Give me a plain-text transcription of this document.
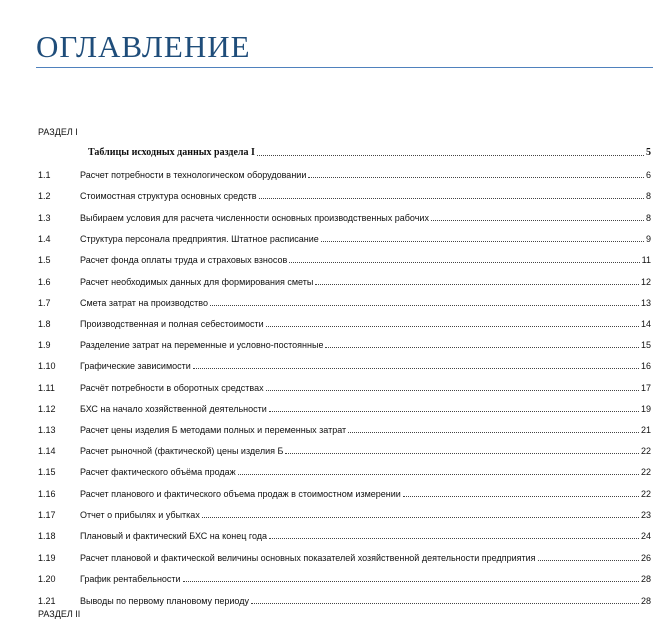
ОГЛАВЛЕНИЕ
РАЗДЕЛ I
Таблицы исходных данных раздела I	5
1.1	Расчет потребности в технологическом оборудовании	6
1.2	Стоимостная структура основных средств	8
1.3	Выбираем условия для расчета численности основных производственных рабочих	8
1.4	Структура персонала предприятия. Штатное расписание	9
1.5	Расчет фонда оплаты труда и страховых взносов	11
1.6	Расчет необходимых данных для формирования сметы	12
1.7	Смета затрат на производство	13
1.8	Производственная и полная себестоимости	14
1.9	Разделение затрат на переменные и условно-постоянные	15
1.10	Графические зависимости	16
1.11	Расчёт потребности в оборотных средствах	17
1.12	БХС на начало хозяйственной деятельности	19
1.13	Расчет цены изделия Б методами полных и переменных затрат	21
1.14	Расчет рыночной (фактической) цены изделия Б	22
1.15	Расчет фактического объёма продаж	22
1.16	Расчет планового и фактического объема продаж в стоимостном измерении	22
1.17	Отчет о прибылях и убытках	23
1.18	Плановый и фактический БХС на конец года	24
1.19	Расчет плановой и фактической величины основных показателей хозяйственной деятельности предприятия	26
1.20	График рентабельности	28
1.21	Выводы по первому плановому периоду	28
РАЗДЕЛ II
